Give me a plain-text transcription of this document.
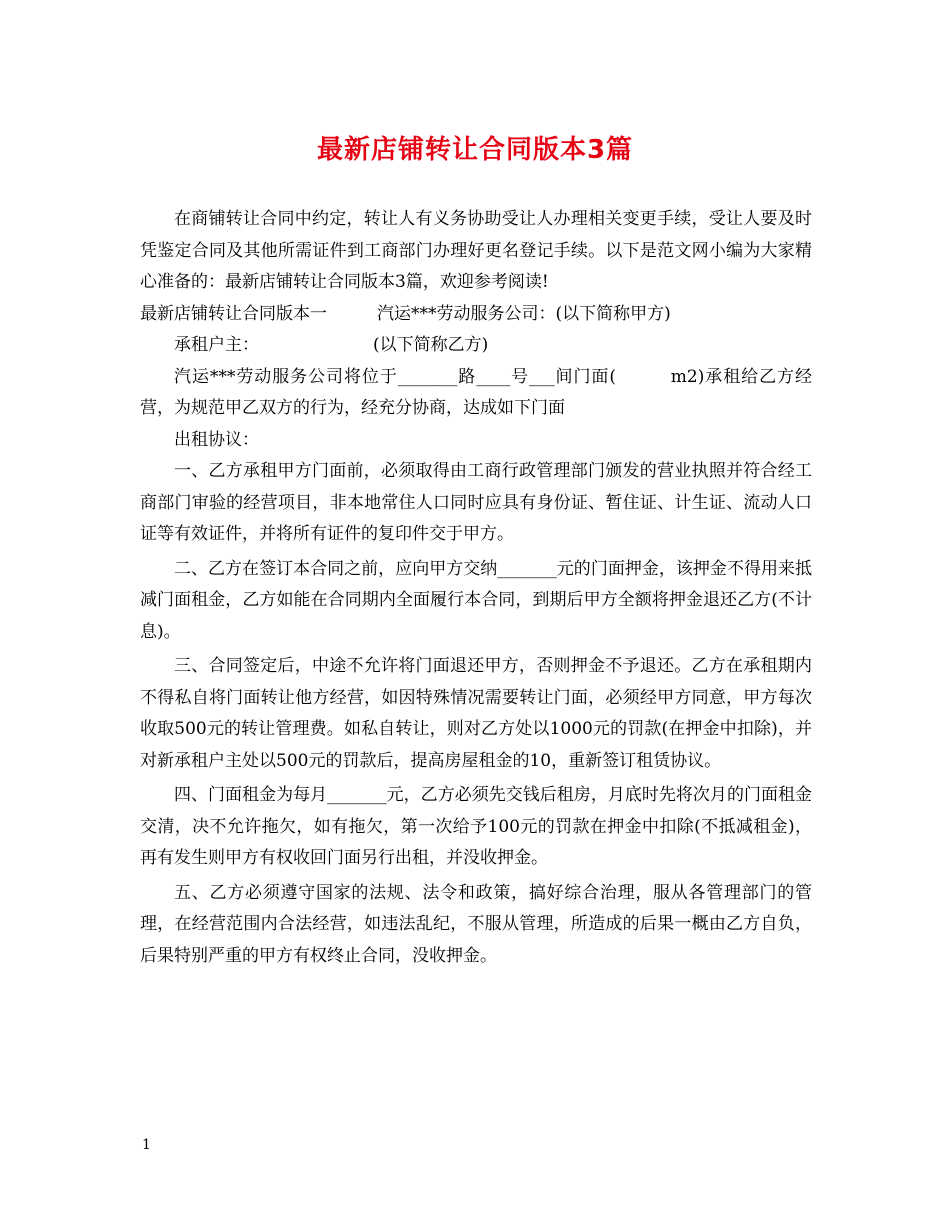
最新店铺转让合同版本3篇

在商铺转让合同中约定，转让人有义务协助受让人办理相关变更手续，受让人要及时凭鉴定合同及其他所需证件到工商部门办理好更名登记手续。以下是范文网小编为大家精心准备的：最新店铺转让合同版本3篇，欢迎参考阅读!

最新店铺转让合同版本一	汽运***劳动服务公司：(以下简称甲方)

承租户主：	(以下简称乙方)

汽运***劳动服务公司将位于_______路____号___间门面(　　　m2)承租给乙方经营，为规范甲乙双方的行为，经充分协商，达成如下门面

出租协议：

一、乙方承租甲方门面前，必须取得由工商行政管理部门颁发的营业执照并符合经工商部门审验的经营项目，非本地常住人口同时应具有身份证、暂住证、计生证、流动人口证等有效证件，并将所有证件的复印件交于甲方。

二、乙方在签订本合同之前，应向甲方交纳_______元的门面押金，该押金不得用来抵减门面租金，乙方如能在合同期内全面履行本合同，到期后甲方全额将押金退还乙方(不计息)。

三、合同签定后，中途不允许将门面退还甲方，否则押金不予退还。乙方在承租期内不得私自将门面转让他方经营，如因特殊情况需要转让门面，必须经甲方同意，甲方每次收取500元的转让管理费。如私自转让，则对乙方处以1000元的罚款(在押金中扣除)，并对新承租户主处以500元的罚款后，提高房屋租金的10，重新签订租赁协议。

四、门面租金为每月_______元，乙方必须先交钱后租房，月底时先将次月的门面租金交清，决不允许拖欠，如有拖欠，第一次给予100元的罚款在押金中扣除(不抵减租金)，再有发生则甲方有权收回门面另行出租，并没收押金。

五、乙方必须遵守国家的法规、法令和政策，搞好综合治理，服从各管理部门的管理，在经营范围内合法经营，如违法乱纪，不服从管理，所造成的后果一概由乙方自负，后果特别严重的甲方有权终止合同，没收押金。

1
